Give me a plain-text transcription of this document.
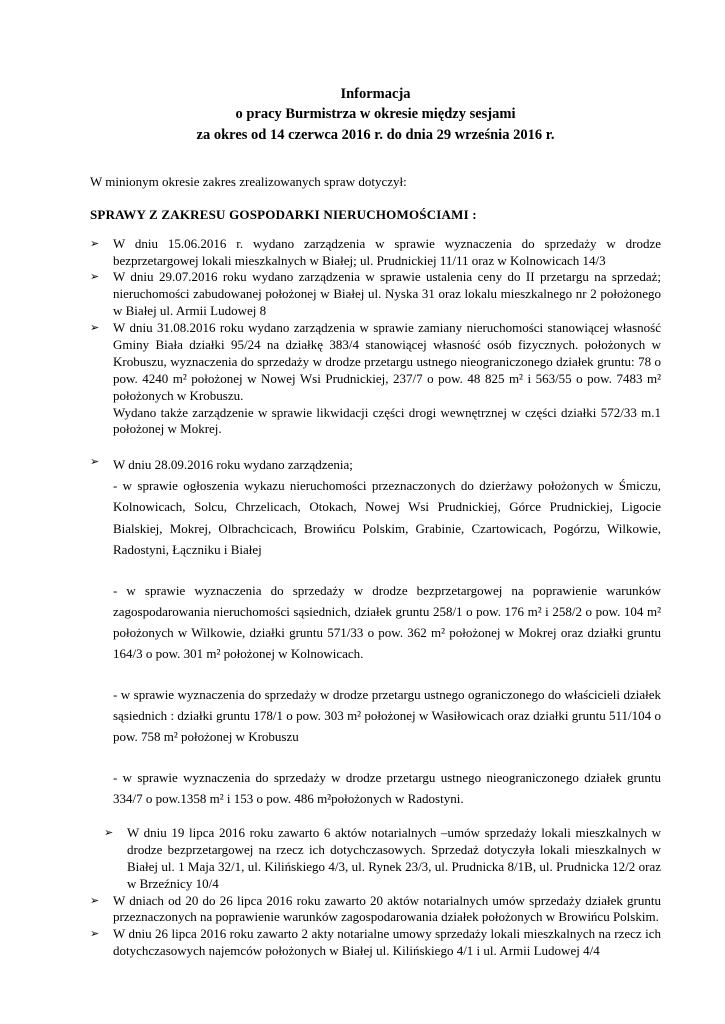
Informacja
o pracy Burmistrza w okresie między sesjami
za okres od 14 czerwca 2016 r. do dnia 29 września 2016 r.

W minionym okresie zakres zrealizowanych spraw dotyczył:

SPRAWY Z ZAKRESU GOSPODARKI NIERUCHOMOŚCIAMI :

➢	W dniu 15.06.2016 r. wydano zarządzenia w sprawie wyznaczenia do sprzedaży w drodze bezprzetargowej lokali mieszkalnych w Białej; ul. Prudnickiej 11/11 oraz w Kolnowicach 14/3

➢	W dniu 29.07.2016 roku wydano zarządzenia w sprawie ustalenia ceny do II przetargu na sprzedaż; nieruchomości zabudowanej położonej w Białej ul. Nyska 31 oraz lokalu mieszkalnego nr 2 położonego w Białej ul. Armii Ludowej 8

➢	W dniu 31.08.2016 roku wydano zarządzenia w sprawie zamiany nieruchomości stanowiącej własność Gminy Biała działki 95/24 na działkę 383/4 stanowiącej własność osób fizycznych. położonych w Krobuszu, wyznaczenia do sprzedaży w drodze przetargu ustnego nieograniczonego działek gruntu: 78 o pow. 4240 m² położonej w Nowej Wsi Prudnickiej, 237/7 o pow. 48 825 m² i 563/55 o pow. 7483 m² położonych w Krobuszu.

Wydano także zarządzenie w sprawie likwidacji części drogi wewnętrznej w części działki 572/33 m.1 położonej w Mokrej.

➢	W dniu 28.09.2016 roku wydano zarządzenia;

- w sprawie ogłoszenia wykazu nieruchomości przeznaczonych do dzierżawy położonych w Śmiczu, Kolnowicach, Solcu, Chrzelicach, Otokach, Nowej Wsi Prudnickiej, Górce Prudnickiej, Ligocie Bialskiej, Mokrej, Olbrachcicach, Browińcu Polskim, Grabinie, Czartowicach, Pogórzu, Wilkowie, Radostyni, Łączniku i Białej

- w sprawie wyznaczenia do sprzedaży w drodze bezprzetargowej na poprawienie warunków zagospodarowania nieruchomości sąsiednich, działek gruntu 258/1 o pow. 176 m² i 258/2 o pow. 104 m² położonych w Wilkowie, działki gruntu 571/33 o pow. 362 m² położonej w Mokrej oraz działki gruntu 164/3 o pow. 301 m² położonej w Kolnowicach.

- w sprawie wyznaczenia do sprzedaży w drodze przetargu ustnego ograniczonego do właścicieli działek sąsiednich : działki gruntu 178/1 o pow. 303 m² położonej w Wasiłowicach oraz działki gruntu 511/104 o pow. 758 m² położonej w Krobuszu

- w sprawie wyznaczenia do sprzedaży w drodze przetargu ustnego nieograniczonego działek gruntu 334/7 o pow.1358 m² i 153 o pow. 486 m²położonych w Radostyni.

➢	W dniu 19 lipca 2016 roku zawarto 6 aktów notarialnych –umów sprzedaży lokali mieszkalnych w drodze bezprzetargowej na rzecz ich dotychczasowych. Sprzedaż dotyczyła lokali mieszkalnych w Białej ul. 1 Maja 32/1, ul. Kilińskiego 4/3, ul. Rynek 23/3, ul. Prudnicka 8/1B, ul. Prudnicka 12/2 oraz w Brzeźnicy 10/4

➢	W dniach od 20 do 26 lipca 2016 roku zawarto 20 aktów notarialnych umów sprzedaży działek gruntu przeznaczonych na poprawienie warunków zagospodarowania działek położonych w Browińcu Polskim.

➢	W dniu 26 lipca 2016 roku zawarto 2 akty notarialne umowy sprzedaży lokali mieszkalnych na rzecz ich dotychczasowych najemców położonych w Białej ul. Kilińskiego 4/1 i ul. Armii Ludowej 4/4
